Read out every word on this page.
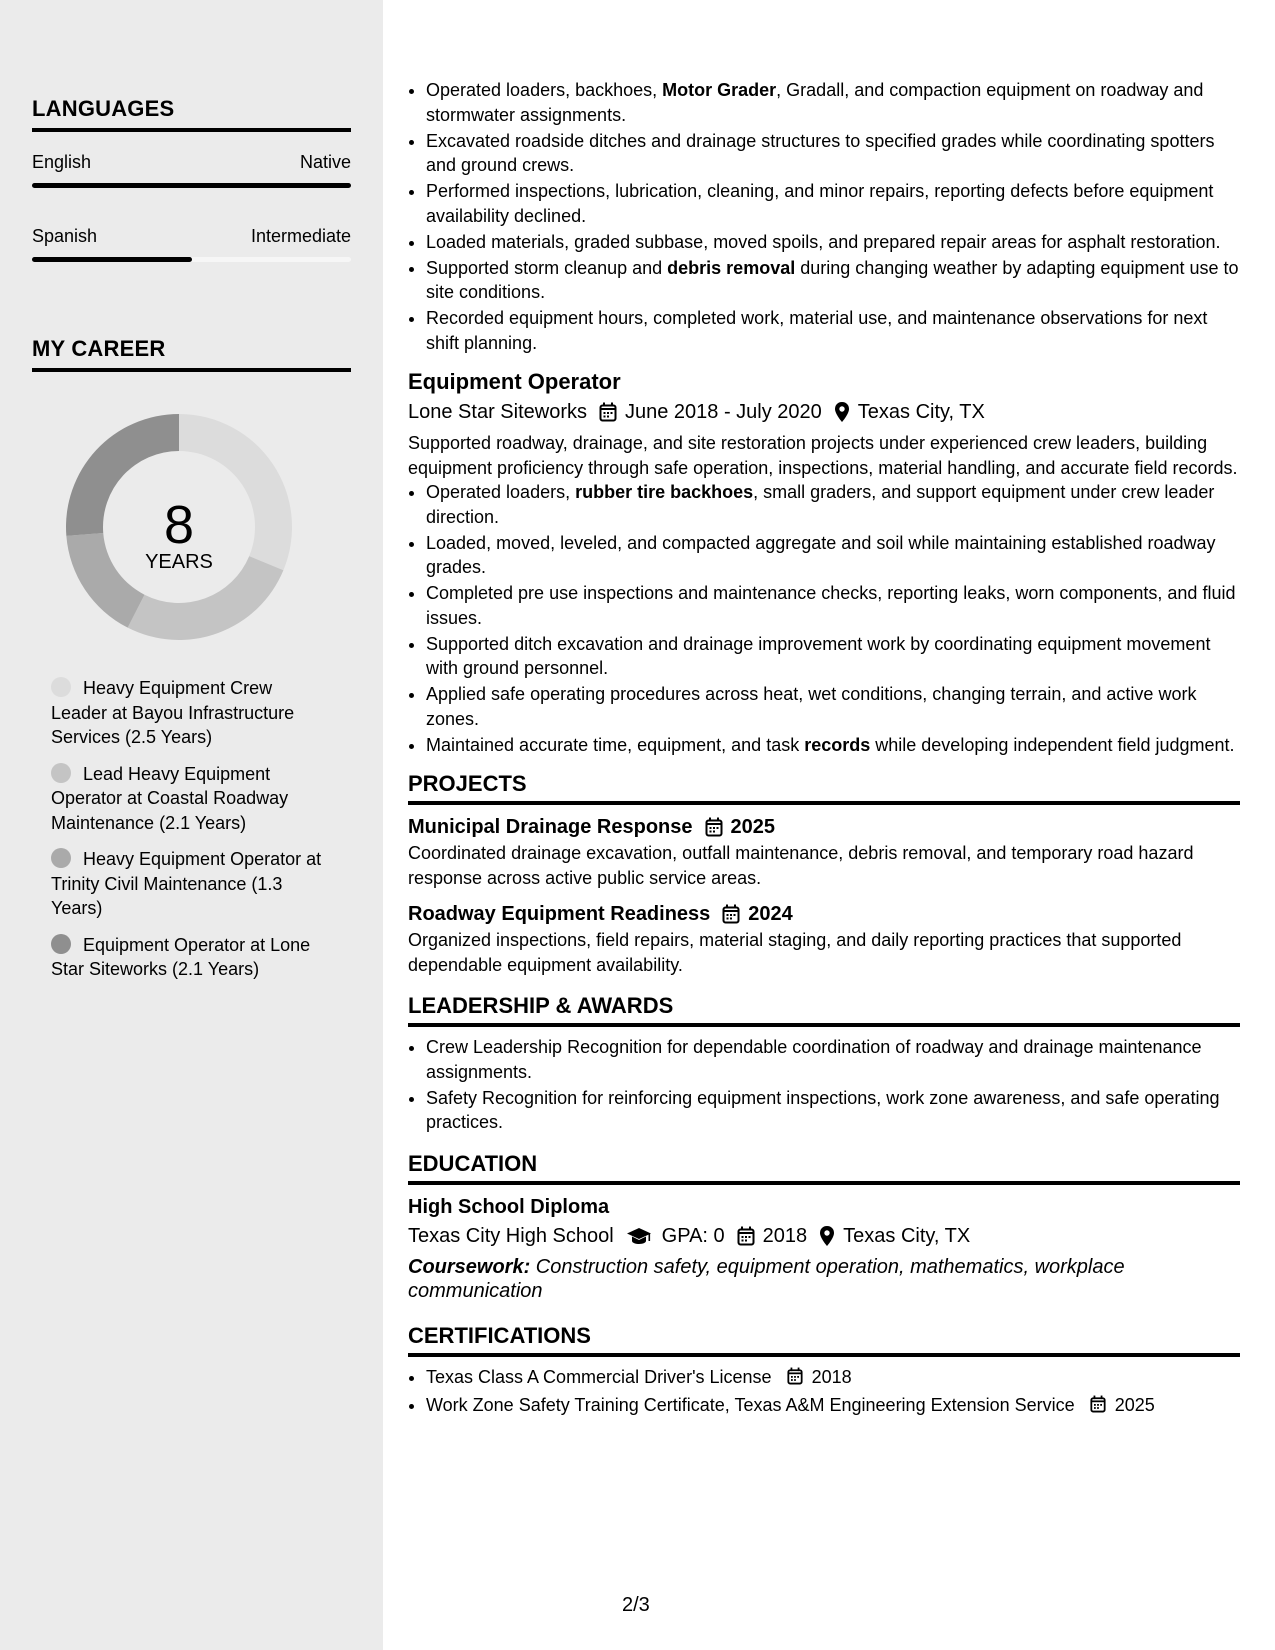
LANGUAGES
English	Native
Spanish	Intermediate
MY CAREER
8
YEARS
Heavy Equipment Crew Leader at Bayou Infrastructure Services (2.5 Years)
Lead Heavy Equipment Operator at Coastal Roadway Maintenance (2.1 Years)
Heavy Equipment Operator at Trinity Civil Maintenance (1.3 Years)
Equipment Operator at Lone Star Siteworks (2.1 Years)
• Operated loaders, backhoes, Motor Grader, Gradall, and compaction equipment on roadway and stormwater assignments.
• Excavated roadside ditches and drainage structures to specified grades while coordinating spotters and ground crews.
• Performed inspections, lubrication, cleaning, and minor repairs, reporting defects before equipment availability declined.
• Loaded materials, graded subbase, moved spoils, and prepared repair areas for asphalt restoration.
• Supported storm cleanup and debris removal during changing weather by adapting equipment use to site conditions.
• Recorded equipment hours, completed work, material use, and maintenance observations for next shift planning.
Equipment Operator
Lone Star Siteworks June 2018 - July 2020 Texas City, TX

Supported roadway, drainage, and site restoration projects under experienced crew leaders, building equipment proficiency through safe operation, inspections, material handling, and accurate field records.

• Operated loaders, rubber tire backhoes, small graders, and support equipment under crew leader direction.
• Loaded, moved, leveled, and compacted aggregate and soil while maintaining established roadway grades.
• Completed pre use inspections and maintenance checks, reporting leaks, worn components, and fluid issues.
• Supported ditch excavation and drainage improvement work by coordinating equipment movement with ground personnel.
• Applied safe operating procedures across heat, wet conditions, changing terrain, and active work zones.
• Maintained accurate time, equipment, and task records while developing independent field judgment.
PROJECTS
Municipal Drainage Response 2025

Coordinated drainage excavation, outfall maintenance, debris removal, and temporary road hazard response across active public service areas.

Roadway Equipment Readiness 2024

Organized inspections, field repairs, material staging, and daily reporting practices that supported dependable equipment availability.

LEADERSHIP & AWARDS
• Crew Leadership Recognition for dependable coordination of roadway and drainage maintenance assignments.
• Safety Recognition for reinforcing equipment inspections, work zone awareness, and safe operating practices.
EDUCATION
High School Diploma
Texas City High School GPA: 0 2018 Texas City, TX
Coursework: Construction safety, equipment operation, mathematics, workplace communication
CERTIFICATIONS
• Texas Class A Commercial Driver's License 2018
• Work Zone Safety Training Certificate, Texas A&M Engineering Extension Service 2025
2/3
